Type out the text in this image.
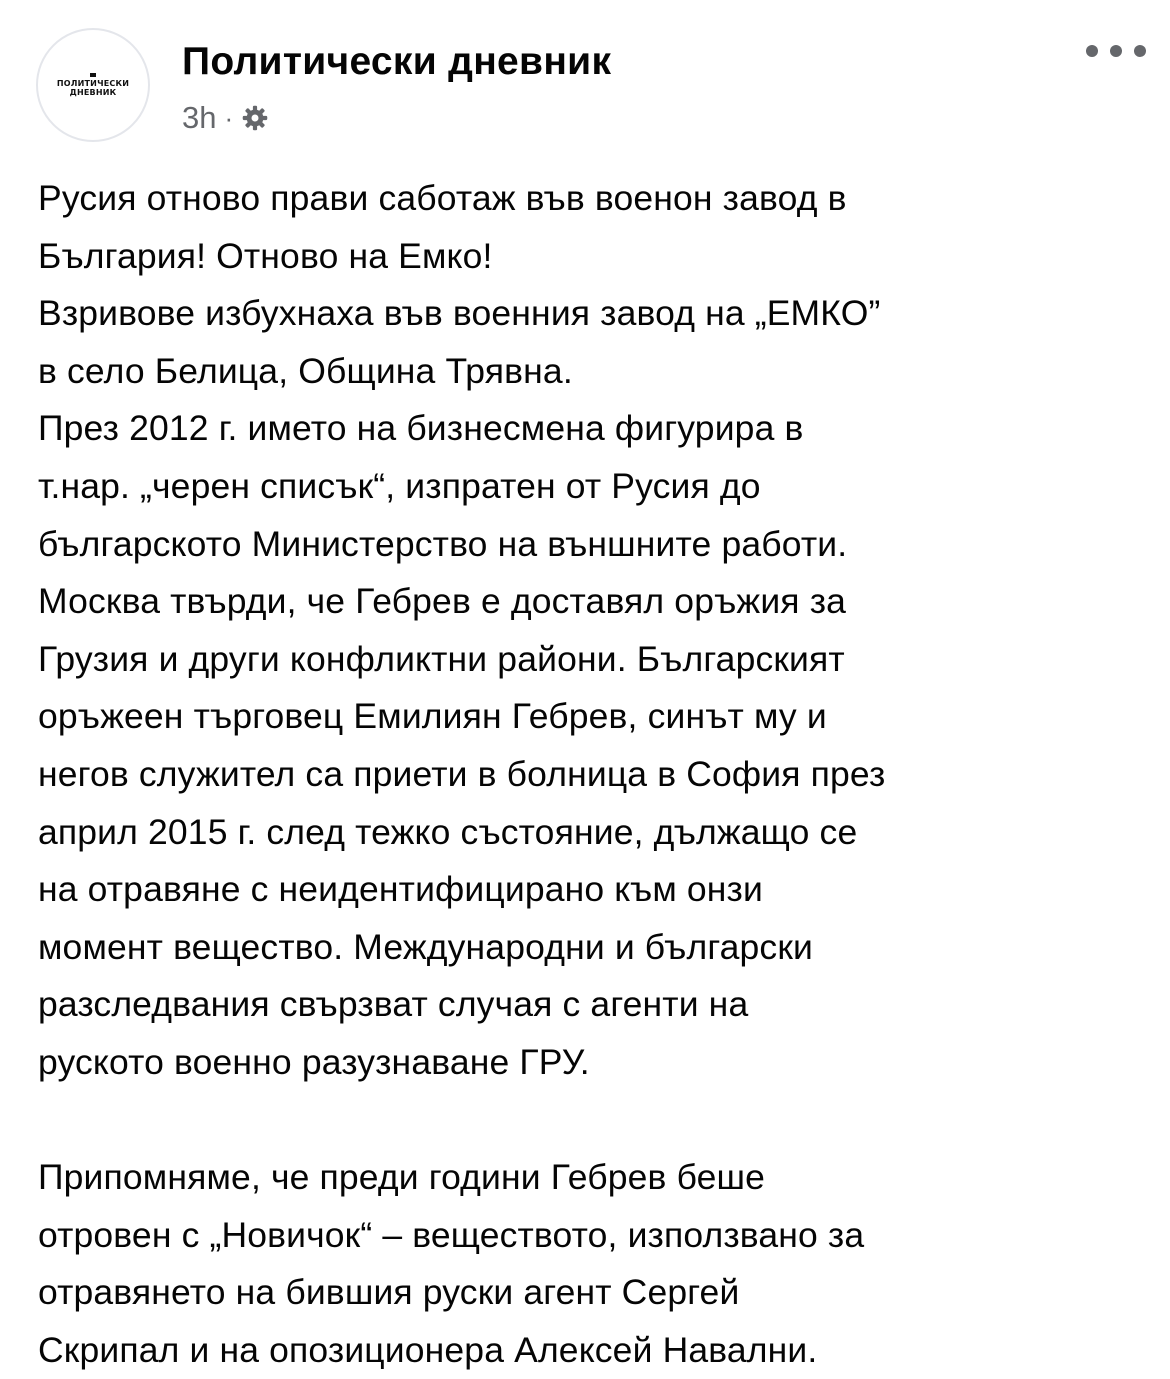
ПОЛИТИЧЕСКИ
ДНЕВНИК
Политически дневник
3h ·
Русия отново прави саботаж във военон завод в
България! Отново на Емко!
Взривове избухнаха във военния завод на „ЕМКО”
в село Белица, Община Трявна.
През 2012 г. името на бизнесмена фигурира в
т.нар. „черен списък“, изпратен от Русия до
българското Министерство на външните работи.
Москва твърди, че Гебрев е доставял оръжия за
Грузия и други конфликтни райони. Българският
оръжеен търговец Емилиян Гебрев, синът му и
негов служител са приети в болница в София през
април 2015 г. след тежко състояние, дължащо се
на отравяне с неидентифицирано към онзи
момент вещество. Международни и български
разследвания свързват случая с агенти на
руското военно разузнаване ГРУ.
Припомняме, че преди години Гебрев беше
отровен с „Новичок“ – веществото, използвано за
отравянето на бившия руски агент Сергей
Скрипал и на опозиционера Алексей Навални.
